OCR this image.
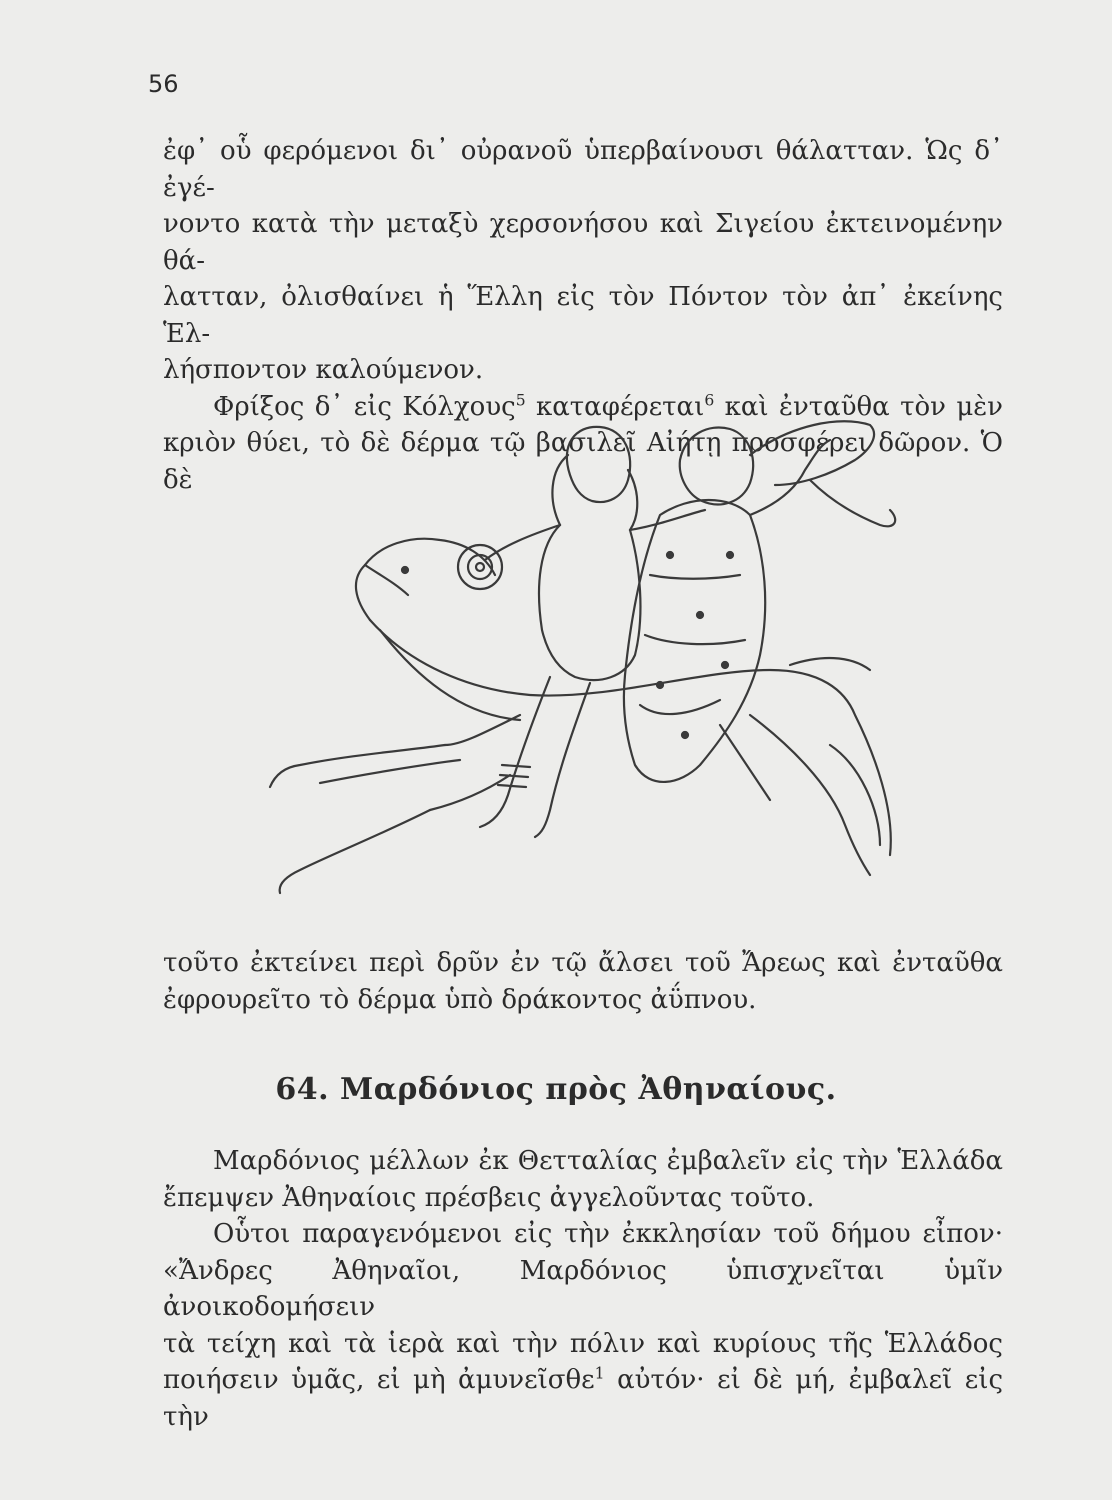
56

ἐφ᾽ οὗ φερόμενοι δι᾽ οὐρανοῦ ὑπερβαίνουσι θάλατταν. Ὡς δ᾽ ἐγέ-

νοντο κατὰ τὴν μεταξὺ χερσονήσου καὶ Σιγείου ἐκτεινομένην θά-

λατταν, ὀλισθαίνει ἡ Ἕλλη εἰς τὸν Πόντον τὸν ἀπ᾽ ἐκείνης Ἑλ-

λήσποντον καλούμενον.

Φρίξος δ᾽ εἰς Κόλχους$^5$ καταφέρεται$^6$ καὶ ἐνταῦθα τὸν μὲν

κριὸν θύει, τὸ δὲ δέρμα τῷ βασιλεῖ Αἰήτῃ προσφέρει δῶρον. Ὁ δὲ

τοῦτο ἐκτείνει περὶ δρῦν ἐν τῷ ἄλσει τοῦ Ἄρεως καὶ ἐνταῦθα

ἐφρουρεῖτο τὸ δέρμα ὑπὸ δράκοντος ἀΰπνου.

64. Μαρδόνιος πρὸς Ἀθηναίους.

Μαρδόνιος μέλλων ἐκ Θετταλίας ἐμβαλεῖν εἰς τὴν Ἑλλάδα

ἔπεμψεν Ἀθηναίοις πρέσβεις ἀγγελοῦντας τοῦτο.

Οὗτοι παραγενόμενοι εἰς τὴν ἐκκλησίαν τοῦ δήμου εἶπον·

«Ἄνδρες Ἀθηναῖοι, Μαρδόνιος ὑπισχνεῖται ὑμῖν ἀνοικοδομήσειν

τὰ τείχη καὶ τὰ ἱερὰ καὶ τὴν πόλιν καὶ κυρίους τῆς Ἑλλάδος

ποιήσειν ὑμᾶς, εἰ μὴ ἀμυνεῖσθε$^1$ αὐτόν· εἰ δὲ μή, ἐμβαλεῖ εἰς τὴν
